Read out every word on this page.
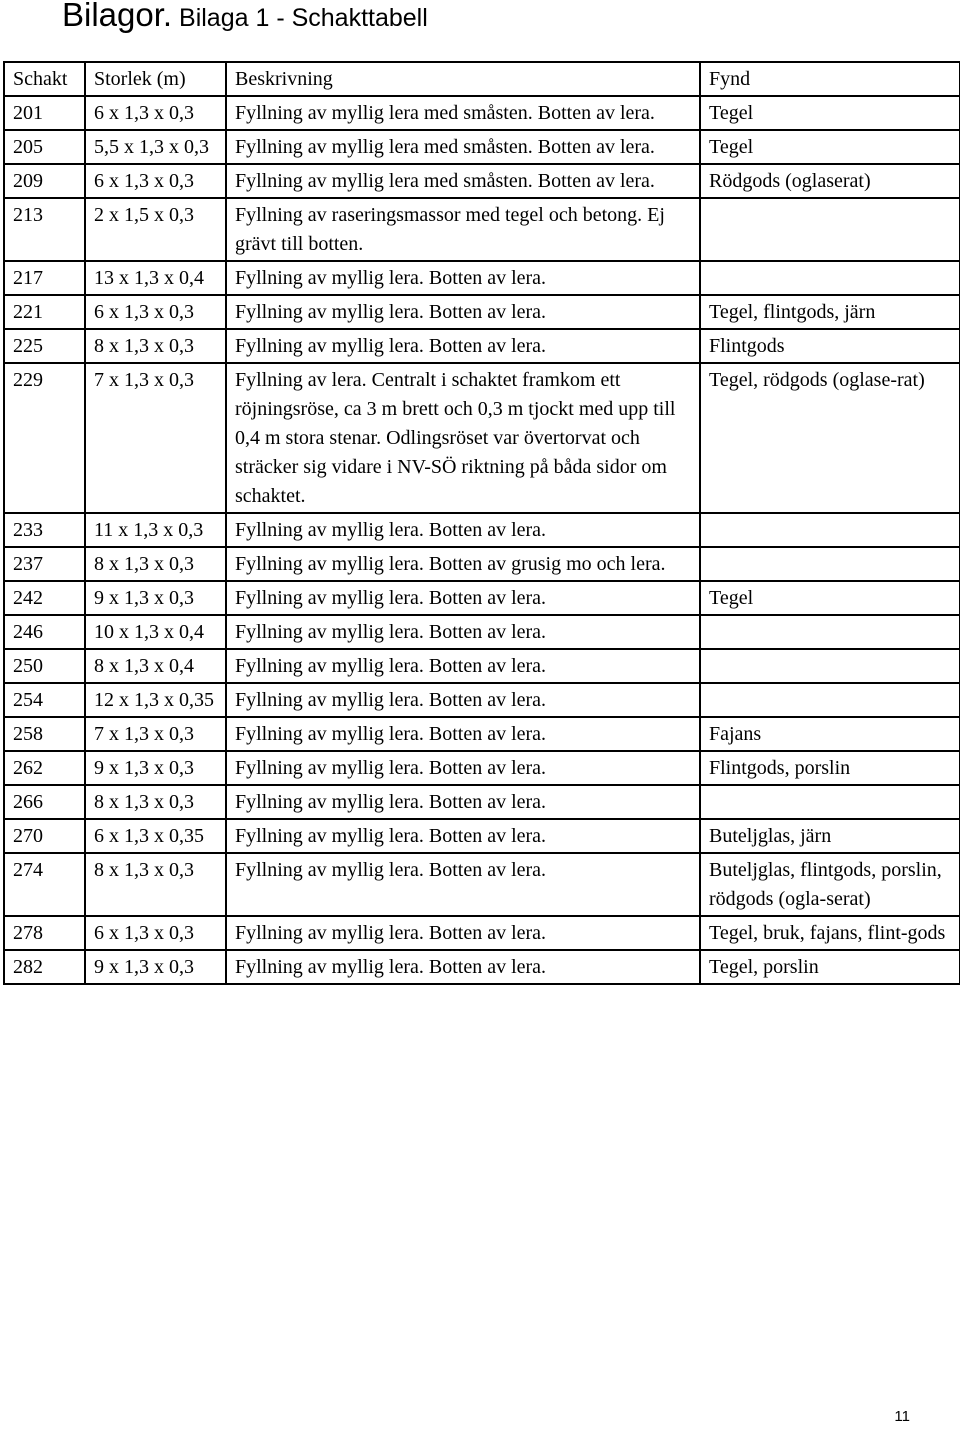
Bilagor. Bilaga 1 - Schakttabell
Schakt	Storlek (m)	Beskrivning	Fynd
201	6 x 1,3 x 0,3	Fyllning av myllig lera med småsten. Botten av lera.	Tegel
205	5,5 x 1,3 x 0,3	Fyllning av myllig lera med småsten. Botten av lera.	Tegel
209	6 x 1,3 x 0,3	Fyllning av myllig lera med småsten. Botten av lera.	Rödgods (oglaserat)
213	2 x 1,5 x 0,3	Fyllning av raseringsmassor med tegel och betong. Ej grävt till botten.	
217	13 x 1,3 x 0,4	Fyllning av myllig lera. Botten av lera.	
221	6 x 1,3 x 0,3	Fyllning av myllig lera. Botten av lera.	Tegel, flintgods, järn
225	8 x 1,3 x 0,3	Fyllning av myllig lera. Botten av lera.	Flintgods
229	7 x 1,3 x 0,3	Fyllning av lera. Centralt i schaktet framkom ett röjningsröse, ca 3 m brett och 0,3 m tjockt med upp till 0,4 m stora stenar. Odlingsröset var övertorvat och sträcker sig vidare i NV-SÖ riktning på båda sidor om schaktet.	Tegel, rödgods (oglase-rat)
233	11 x 1,3 x 0,3	Fyllning av myllig lera. Botten av lera.	
237	8 x 1,3 x 0,3	Fyllning av myllig lera. Botten av grusig mo och lera.	
242	9 x 1,3 x 0,3	Fyllning av myllig lera. Botten av lera.	Tegel
246	10 x 1,3 x 0,4	Fyllning av myllig lera. Botten av lera.	
250	8 x 1,3 x 0,4	Fyllning av myllig lera. Botten av lera.	
254	12 x 1,3 x 0,35	Fyllning av myllig lera. Botten av lera.	
258	7 x 1,3 x 0,3	Fyllning av myllig lera. Botten av lera.	Fajans
262	9 x 1,3 x 0,3	Fyllning av myllig lera. Botten av lera.	Flintgods, porslin
266	8 x 1,3 x 0,3	Fyllning av myllig lera. Botten av lera.	
270	6 x 1,3 x 0,35	Fyllning av myllig lera. Botten av lera.	Buteljglas, järn
274	8 x 1,3 x 0,3	Fyllning av myllig lera. Botten av lera.	Buteljglas, flintgods, porslin, rödgods (ogla-serat)
278	6 x 1,3 x 0,3	Fyllning av myllig lera. Botten av lera.	Tegel, bruk, fajans, flint-gods
282	9 x 1,3 x 0,3	Fyllning av myllig lera. Botten av lera.	Tegel, porslin
11
